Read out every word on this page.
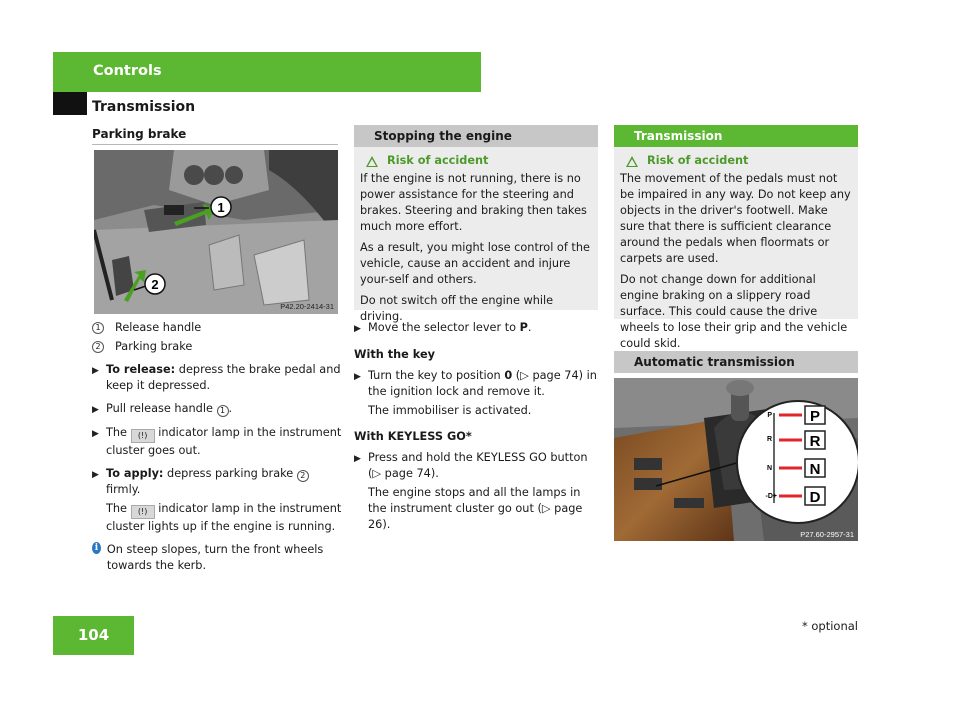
Controls
Transmission
Parking brake
1
2
P42.20-2414-31
1	Release handle
2	Parking brake
▶ To release: depress the brake pedal and keep it depressed.
▶ Pull release handle 1 .
▶ The (!) indicator lamp in the instrument cluster goes out.
▶ To apply: depress parking brake 2 firmly.
The (!) indicator lamp in the instrument cluster lights up if the engine is running.
i On steep slopes, turn the front wheels towards the kerb.
Stopping the engine
Risk of accident

If the engine is not running, there is no power assistance for the steering and brakes. Steering and braking then takes much more effort.

As a result, you might lose control of the vehicle, cause an accident and injure your-self and others.

Do not switch off the engine while driving.

▶ Move the selector lever to P.
With the key
▶ Turn the key to position 0 (▷ page 74) in the ignition lock and remove it.
The immobiliser is activated.
With KEYLESS GO*
▶ Press and hold the KEYLESS GO button (▷ page 74).
The engine stops and all the lamps in the instrument cluster go out (▷ page 26).
Transmission
Risk of accident

The movement of the pedals must not be impaired in any way. Do not keep any objects in the driver's footwell. Make sure that there is sufficient clearance around the pedals when floormats or carpets are used.

Do not change down for additional engine braking on a slippery road surface. This could cause the drive wheels to lose their grip and the vehicle could skid.

Automatic transmission
P
R
N
-D+
P
R
N
D
P27.60-2957-31
104	* optional
